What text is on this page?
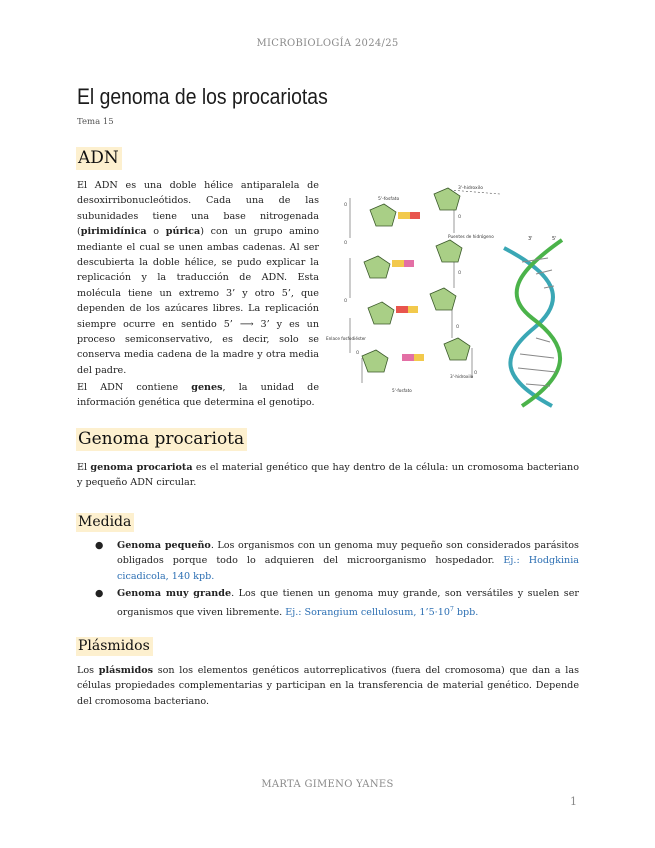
MICROBIOLOGÍA 2024/25
El genoma de los procariotas
Tema 15
ADN
El ADN es una doble hélice antiparalela de desoxirribonucleótidos. Cada una de las subunidades tiene una base nitrogenada (pirimidínica o púrica) con un grupo amino mediante el cual se unen ambas cadenas. Al ser descubierta la doble hélice, se pudo explicar la replicación y la traducción de ADN. Esta molécula tiene un extremo 3’ y otro 5’, que dependen de los azúcares libres. La replicación siempre ocurre en sentido 5’ ⟶ 3’ y es un proceso semiconservativo, es decir, solo se conserva media cadena de la madre y otra media del padre.
El ADN contiene genes, la unidad de información genética que determina el genotipo.
3'-hidroxilo
5'-fosfato
Puentes de hidrógeno
Enlace fosfodiéster
5'-fosfato
3'-hidroxilo
O
O
O
O
O
O
O
O
3'	5'
Genoma procariota
El genoma procariota es el material genético que hay dentro de la célula: un cromosoma bacteriano y pequeño ADN circular.
Medida
● Genoma pequeño. Los organismos con un genoma muy pequeño son considerados parásitos obligados porque todo lo adquieren del microorganismo hospedador. Ej.: Hodgkinia cicadicola, 140 kpb.
● Genoma muy grande. Los que tienen un genoma muy grande, son versátiles y suelen ser organismos que viven libremente. Ej.: Sorangium cellulosum, $1’5\cdot 10^7$ bpb.
Plásmidos
Los plásmidos son los elementos genéticos autorreplicativos (fuera del cromosoma) que dan a las células propiedades complementarias y participan en la transferencia de material genético. Depende del cromosoma bacteriano.
MARTA GIMENO YANES
1
